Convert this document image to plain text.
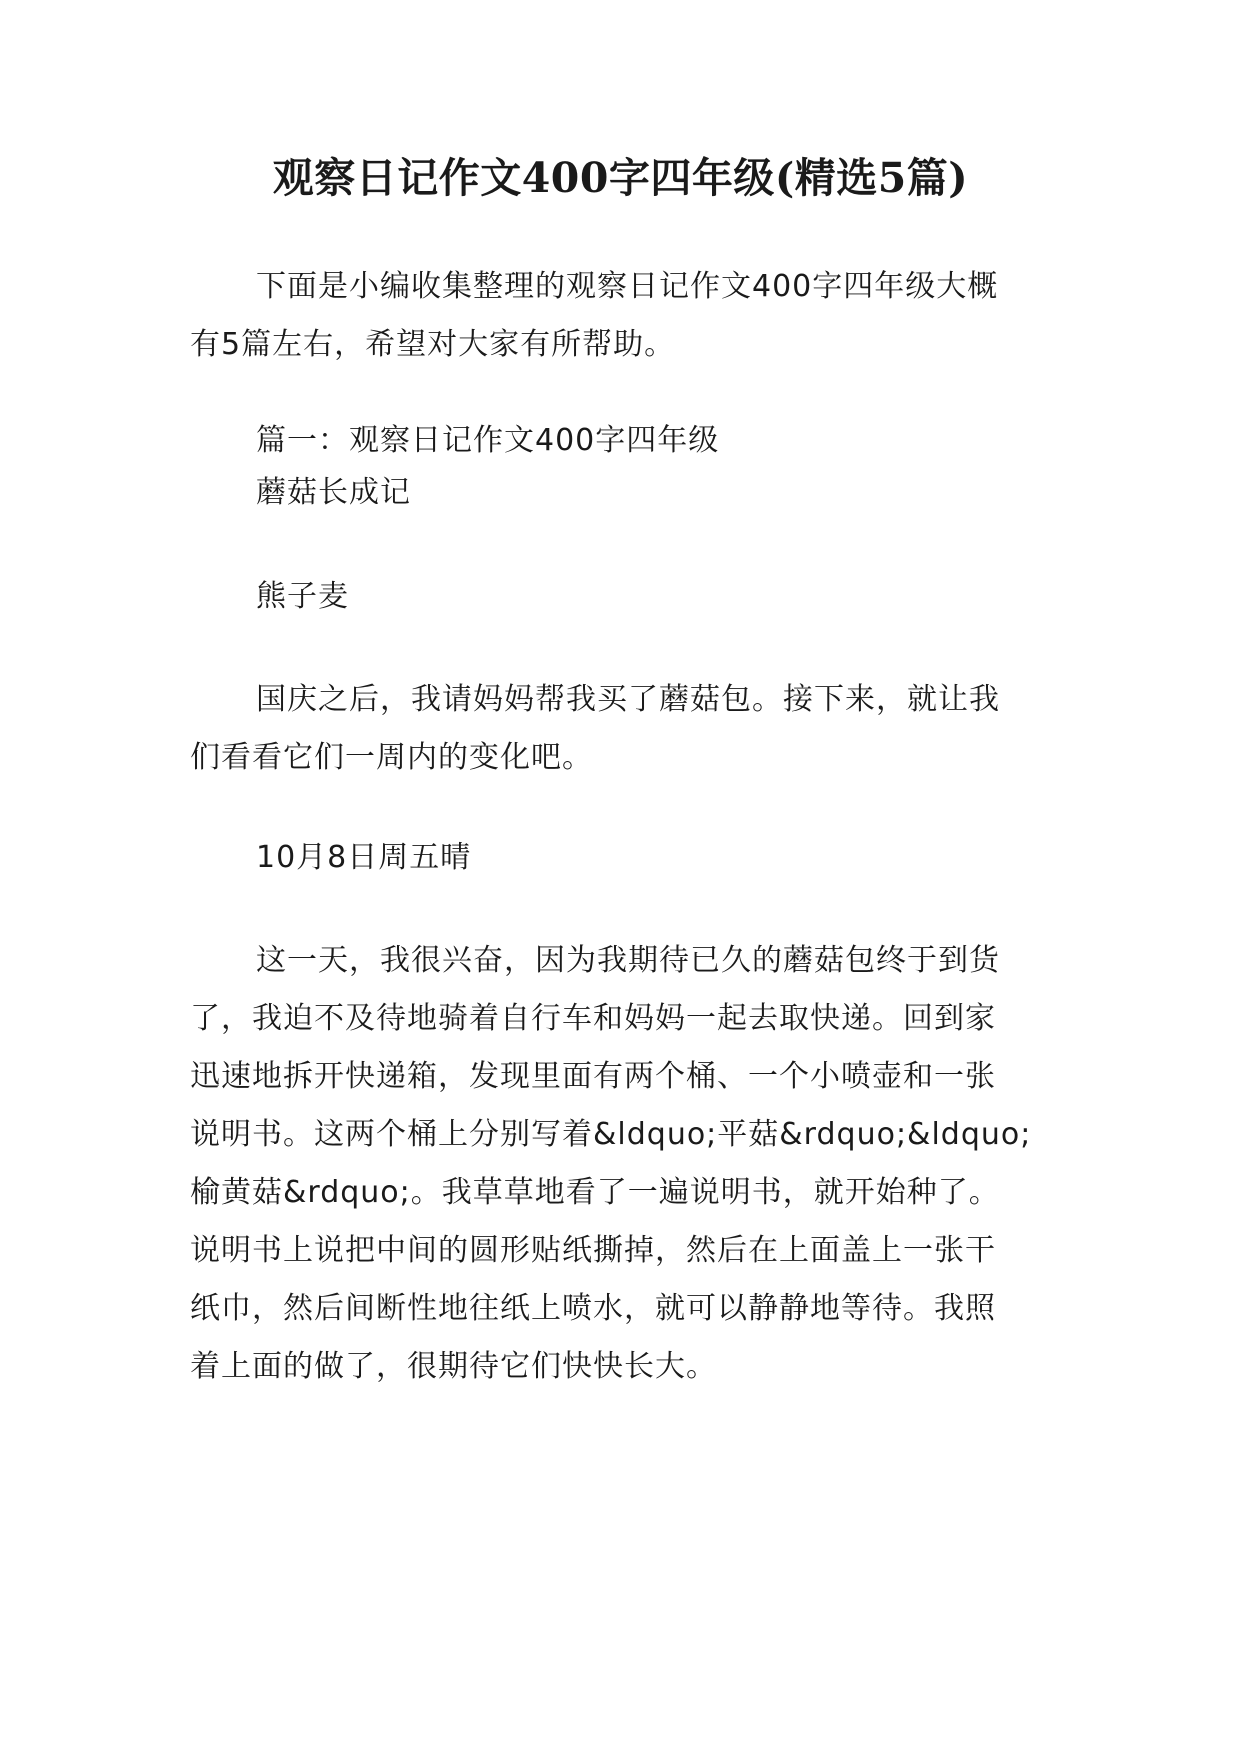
观察日记作文400字四年级(精选5篇)
下面是小编收集整理的观察日记作文400字四年级大概
有5篇左右，希望对大家有所帮助。

篇一：观察日记作文400字四年级

蘑菇长成记

熊子麦

国庆之后，我请妈妈帮我买了蘑菇包。接下来，就让我
们看看它们一周内的变化吧。

10月8日周五晴

这一天，我很兴奋，因为我期待已久的蘑菇包终于到货
了，我迫不及待地骑着自行车和妈妈一起去取快递。回到家
迅速地拆开快递箱，发现里面有两个桶、一个小喷壶和一张
说明书。这两个桶上分别写着&ldquo;平菇&rdquo;&ldquo;
榆黄菇&rdquo;。我草草地看了一遍说明书，就开始种了。
说明书上说把中间的圆形贴纸撕掉，然后在上面盖上一张干
纸巾，然后间断性地往纸上喷水，就可以静静地等待。我照
着上面的做了，很期待它们快快长大。
